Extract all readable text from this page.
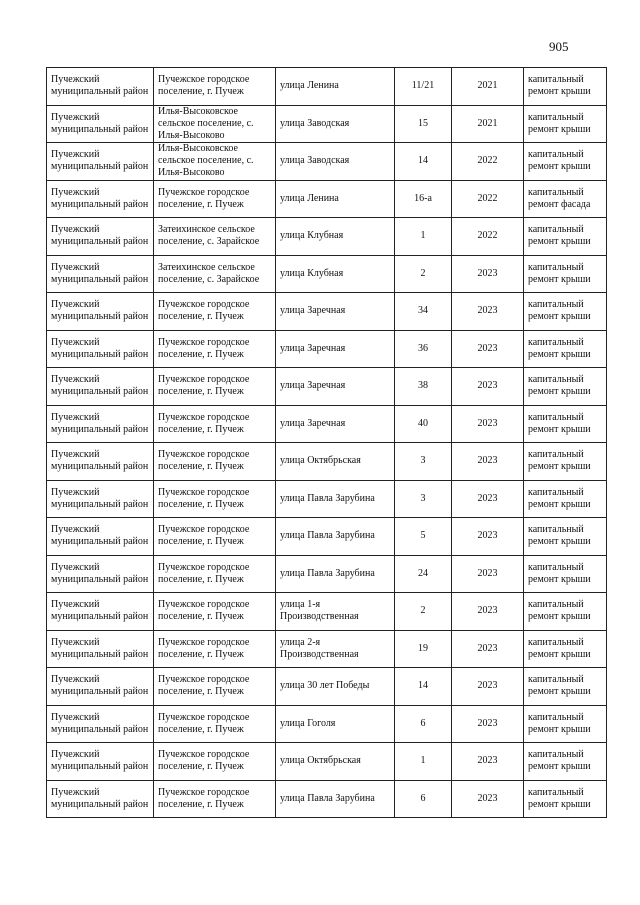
905
Пучежский муниципальный район	Пучежское городское поселение, г. Пучеж	улица Ленина	11/21	2021	капитальный ремонт крыши
Пучежский муниципальный район	Илья-Высоковское сельское поселение, с. Илья-Высоково	улица Заводская	15	2021	капитальный ремонт крыши
Пучежский муниципальный район	Илья-Высоковское сельское поселение, с. Илья-Высоково	улица Заводская	14	2022	капитальный ремонт крыши
Пучежский муниципальный район	Пучежское городское поселение, г. Пучеж	улица Ленина	16-а	2022	капитальный ремонт фасада
Пучежский муниципальный район	Затеихинское сельское поселение, с. Зарайское	улица Клубная	1	2022	капитальный ремонт крыши
Пучежский муниципальный район	Затеихинское сельское поселение, с. Зарайское	улица Клубная	2	2023	капитальный ремонт крыши
Пучежский муниципальный район	Пучежское городское поселение, г. Пучеж	улица Заречная	34	2023	капитальный ремонт крыши
Пучежский муниципальный район	Пучежское городское поселение, г. Пучеж	улица Заречная	36	2023	капитальный ремонт крыши
Пучежский муниципальный район	Пучежское городское поселение, г. Пучеж	улица Заречная	38	2023	капитальный ремонт крыши
Пучежский муниципальный район	Пучежское городское поселение, г. Пучеж	улица Заречная	40	2023	капитальный ремонт крыши
Пучежский муниципальный район	Пучежское городское поселение, г. Пучеж	улица Октябрьская	3	2023	капитальный ремонт крыши
Пучежский муниципальный район	Пучежское городское поселение, г. Пучеж	улица Павла Зарубина	3	2023	капитальный ремонт крыши
Пучежский муниципальный район	Пучежское городское поселение, г. Пучеж	улица Павла Зарубина	5	2023	капитальный ремонт крыши
Пучежский муниципальный район	Пучежское городское поселение, г. Пучеж	улица Павла Зарубина	24	2023	капитальный ремонт крыши
Пучежский муниципальный район	Пучежское городское поселение, г. Пучеж	улица 1-я Производственная	2	2023	капитальный ремонт крыши
Пучежский муниципальный район	Пучежское городское поселение, г. Пучеж	улица 2-я Производственная	19	2023	капитальный ремонт крыши
Пучежский муниципальный район	Пучежское городское поселение, г. Пучеж	улица 30 лет Победы	14	2023	капитальный ремонт крыши
Пучежский муниципальный район	Пучежское городское поселение, г. Пучеж	улица Гоголя	6	2023	капитальный ремонт крыши
Пучежский муниципальный район	Пучежское городское поселение, г. Пучеж	улица Октябрьская	1	2023	капитальный ремонт крыши
Пучежский муниципальный район	Пучежское городское поселение, г. Пучеж	улица Павла Зарубина	6	2023	капитальный ремонт крыши
